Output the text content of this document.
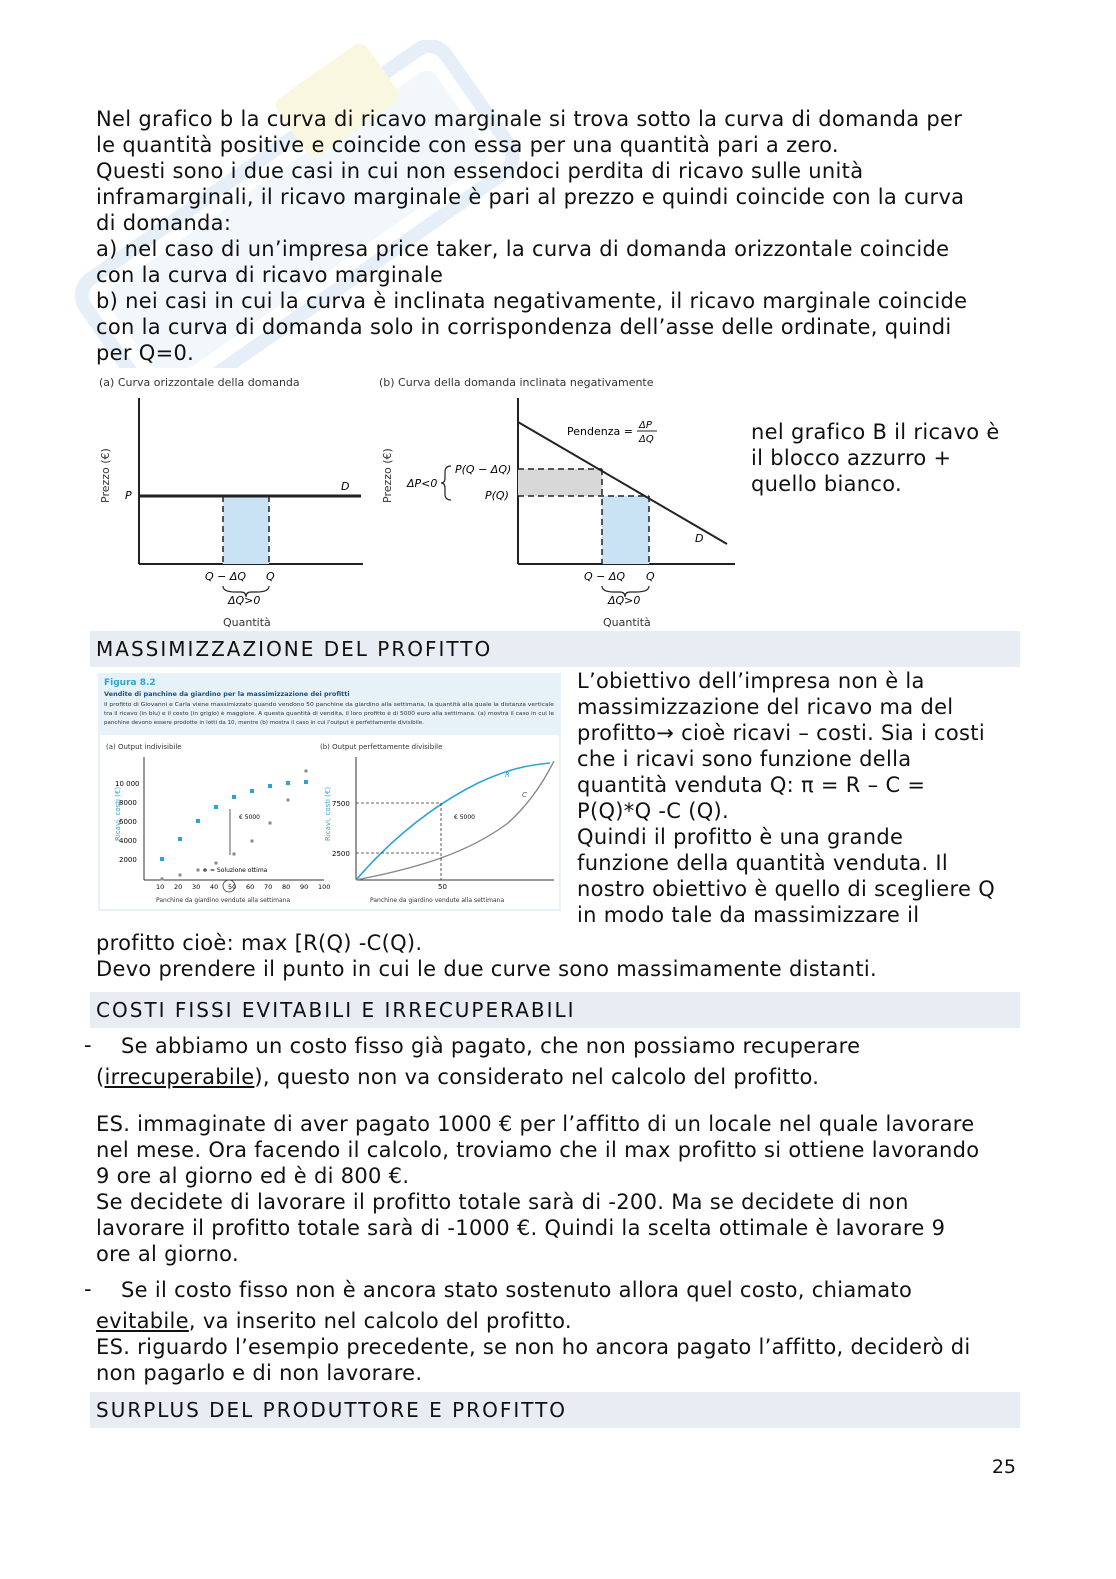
Nel grafico b la curva di ricavo marginale si trova sotto la curva di domanda per
le quantità positive e coincide con essa per una quantità pari a zero.
Questi sono i due casi in cui non essendoci perdita di ricavo sulle unità
inframarginali, il ricavo marginale è pari al prezzo e quindi coincide con la curva
di domanda:
a) nel caso di un’impresa price taker, la curva di domanda orizzontale coincide
con la curva di ricavo marginale
b) nei casi in cui la curva è inclinata negativamente, il ricavo marginale coincide
con la curva di domanda solo in corrispondenza dell’asse delle ordinate, quindi
per Q=0.
(a) Curva orizzontale della domanda
Prezzo (€) P
D
Q − ΔQ Q
ΔQ>0
Quantità
(b) Curva della domanda inclinata negativamente
Prezzo (€)
Pendenza = ΔP
ΔQ
ΔP<0
P(Q − ΔQ)
P(Q)
D
Q − ΔQ Q
ΔQ>0
Quantità
nel grafico B il ricavo è
il blocco azzurro +
quello bianco.
MASSIMIZZAZIONE DEL PROFITTO
Figura 8.2
Vendite di panchine da giardino per la massimizzazione dei profitti
Il profitto di Giovanni e Carla viene massimizzato quando vendono 50 panchine da giardino alla settimana, la quantità alla quale la distanza verticale
tra il ricavo (in blu) e il costo (in grigio) è maggiore. A questa quantità di vendita, il loro profitto è di 5000 euro alla settimana. (a) mostra il caso in cui le
panchine devono essere prodotte in lotti da 10, mentre (b) mostra il caso in cui l'output è perfettamente divisibile.
(a) Output indivisibile
Ricavi, costi (€)
10 000
8000
6000
4000
2000
€ 5000
= Soluzione ottima
10 20 30 40 50 60 70 80 90 100
Panchine da giardino vendute alla settimana
(b) Output perfettamente divisibile
Ricavi, costi (€) 7500
2500
€ 5000
50
R
C
Panchine da giardino vendute alla settimana
L’obiettivo dell’impresa non è la
massimizzazione del ricavo ma del
profitto→ cioè ricavi – costi. Sia i costi
che i ricavi sono funzione della
quantità venduta Q: π = R – C =
P(Q)*Q -C (Q).
Quindi il profitto è una grande
funzione della quantità venduta. Il
nostro obiettivo è quello di scegliere Q
in modo tale da massimizzare il
profitto cioè: max [R(Q) -C(Q).
Devo prendere il punto in cui le due curve sono massimamente distanti.
COSTI FISSI EVITABILI E IRRECUPERABILI
- Se abbiamo un costo fisso già pagato, che non possiamo recuperare
(irrecuperabile), questo non va considerato nel calcolo del profitto.
ES. immaginate di aver pagato 1000 € per l’affitto di un locale nel quale lavorare
nel mese. Ora facendo il calcolo, troviamo che il max profitto si ottiene lavorando
9 ore al giorno ed è di 800 €.
Se decidete di lavorare il profitto totale sarà di -200. Ma se decidete di non
lavorare il profitto totale sarà di -1000 €. Quindi la scelta ottimale è lavorare 9
ore al giorno.
- Se il costo fisso non è ancora stato sostenuto allora quel costo, chiamato
evitabile, va inserito nel calcolo del profitto.
ES. riguardo l’esempio precedente, se non ho ancora pagato l’affitto, deciderò di
non pagarlo e di non lavorare.
SURPLUS DEL PRODUTTORE E PROFITTO
25
